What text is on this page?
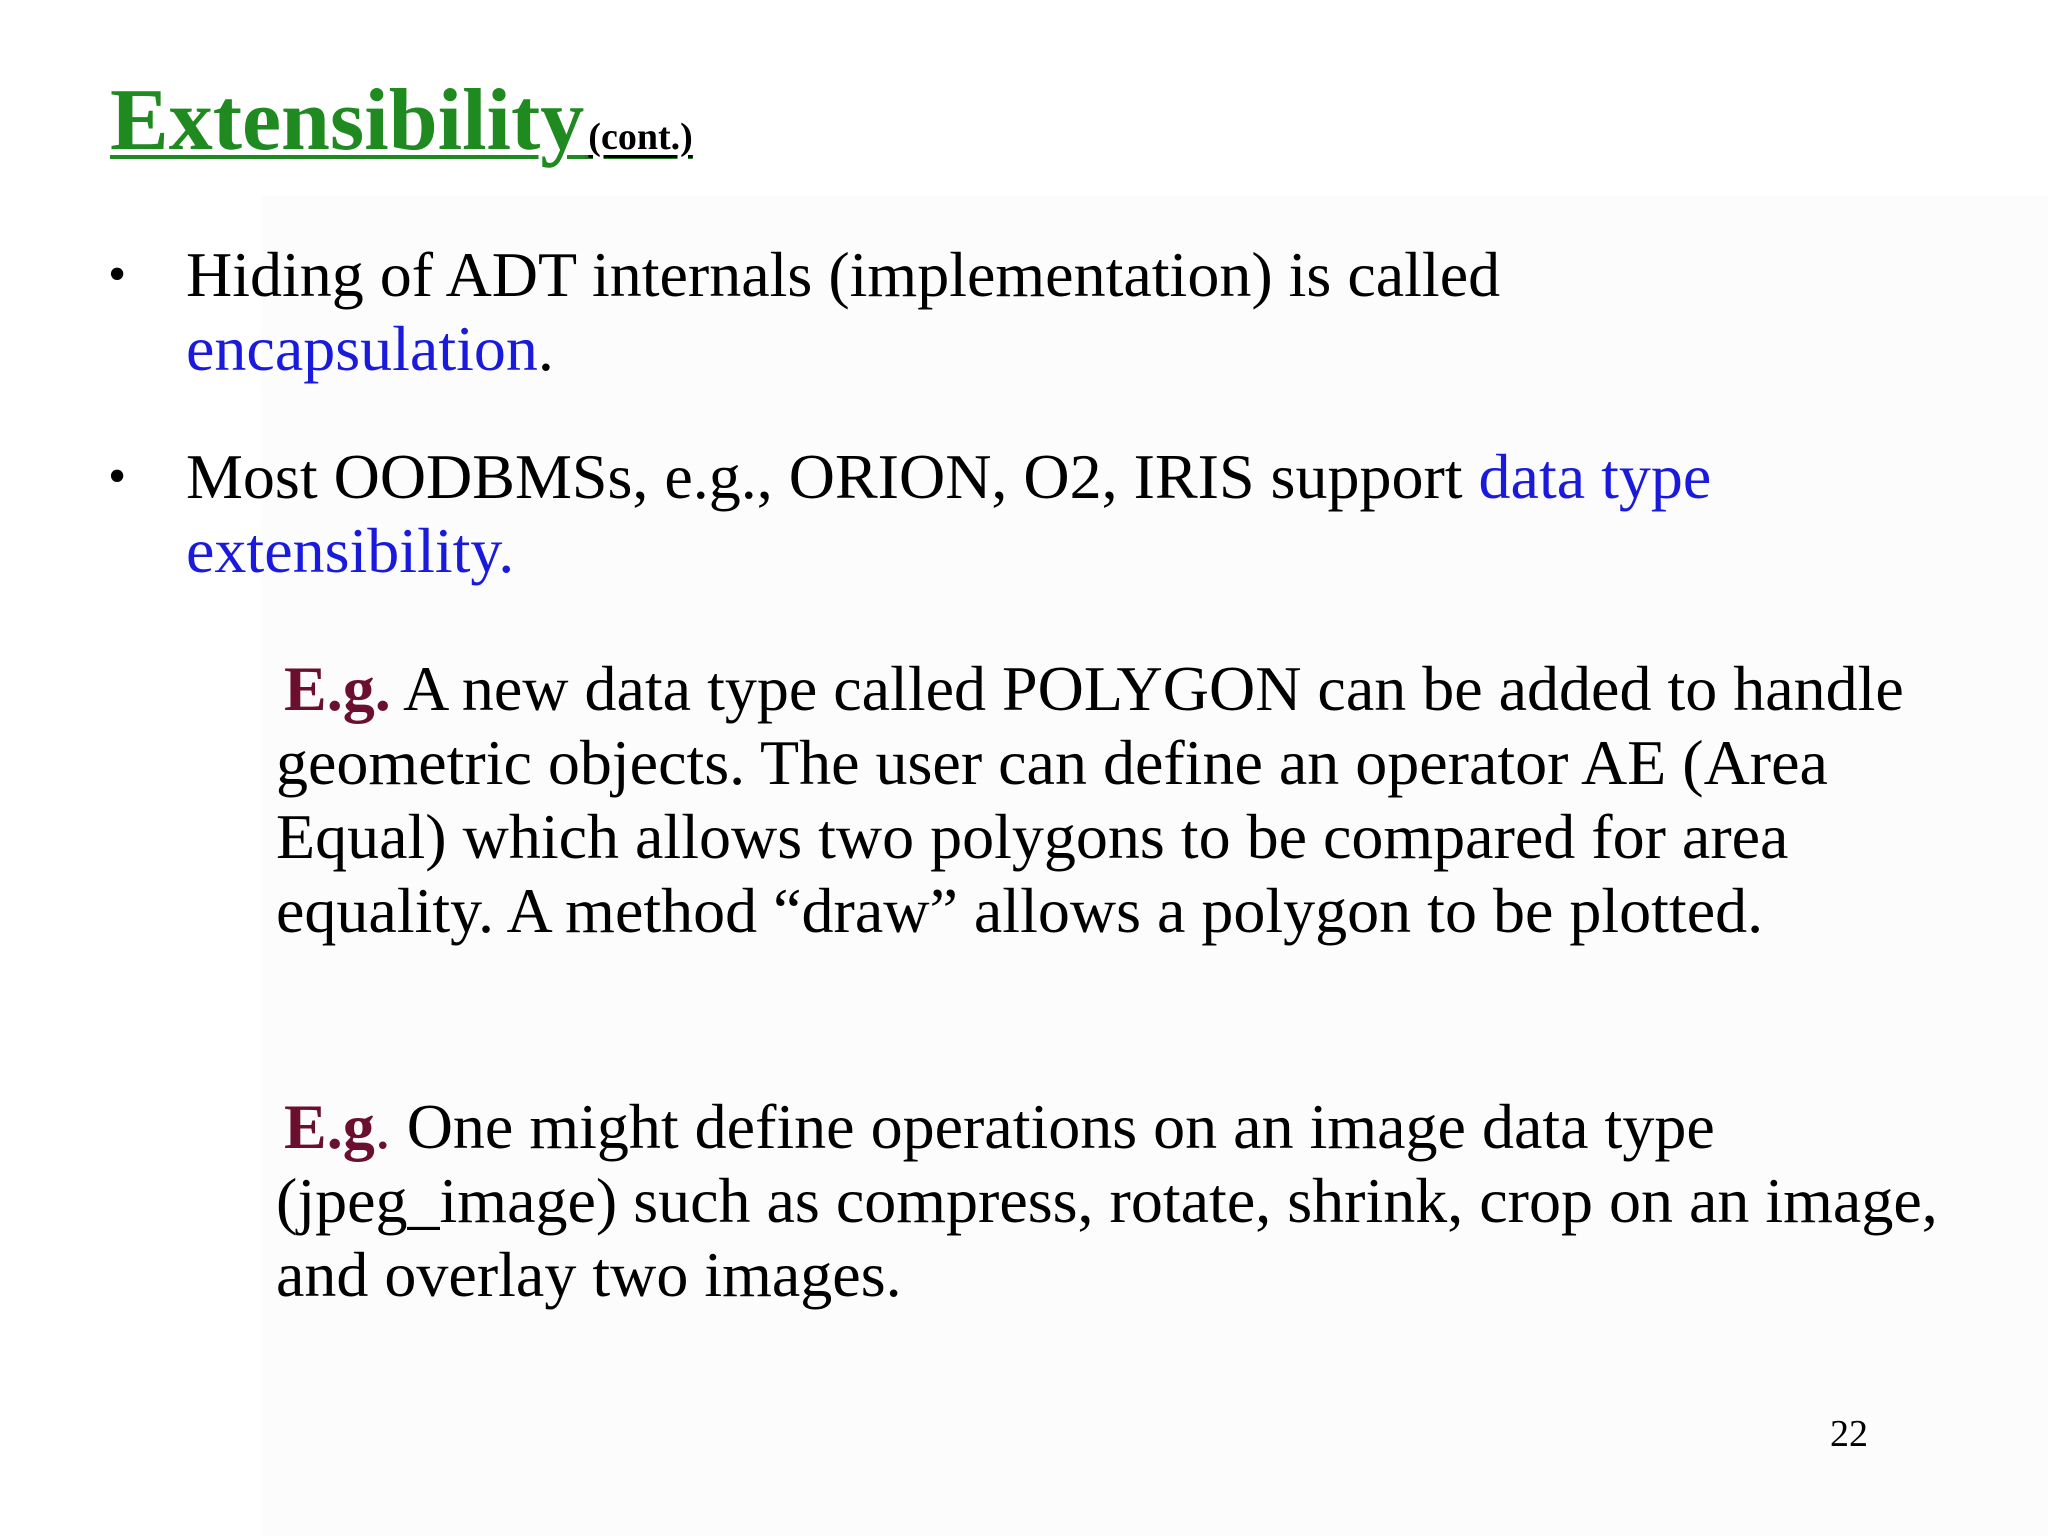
Extensibility (cont.)
• Hiding of ADT internals (implementation) is called encapsulation.
• Most OODBMSs, e.g., ORION, O2, IRIS support data type extensibility.
E.g. A new data type called POLYGON can be added to handle geometric objects. The user can define an operator AE (Area Equal) which allows two polygons to be compared for area equality. A method “draw” allows a polygon to be plotted.
E.g. One might define operations on an image data type (jpeg_image) such as compress, rotate, shrink, crop on an image, and overlay two images.
22
